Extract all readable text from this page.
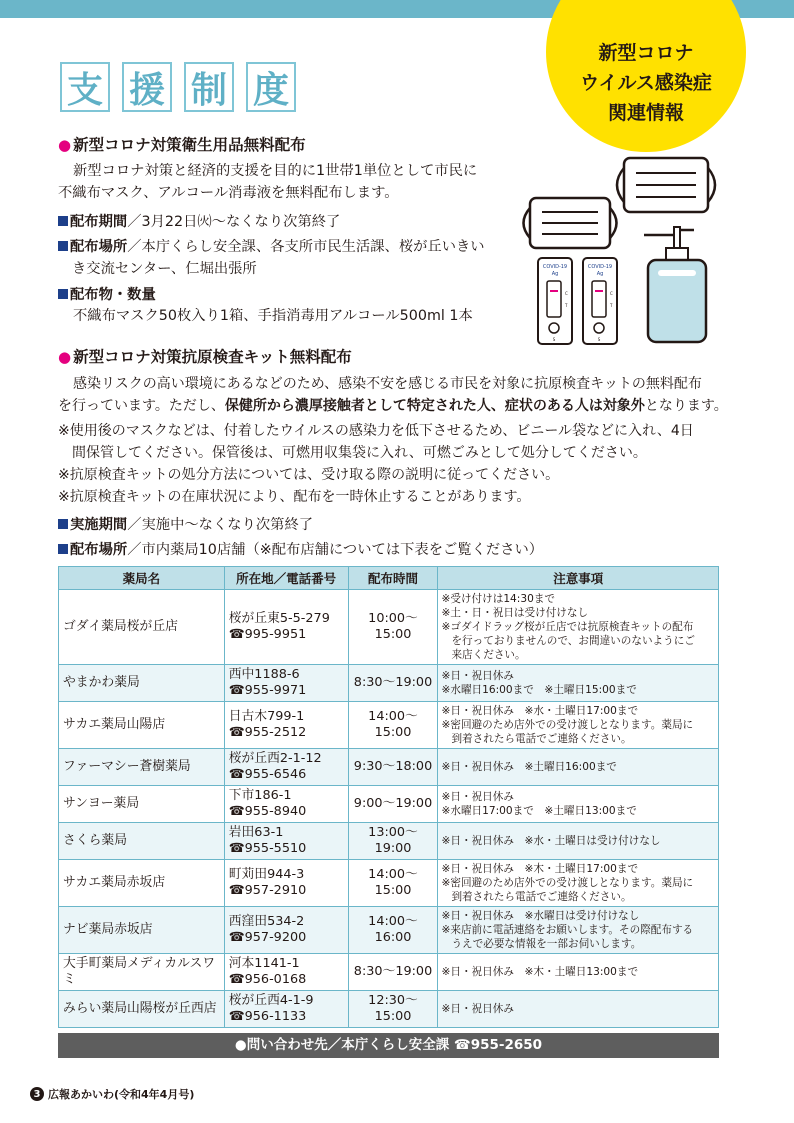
新型コロナ
ウイルス感染症
関連情報
支 援 制 度
● 新型コロナ対策衛生用品無料配布
新型コロナ対策と経済的支援を目的に1世帯1単位として市民に
不織布マスク、アルコール消毒液を無料配布します。
配布期間／3月22日㈫～なくなり次第終了
配布場所／本庁くらし安全課、各支所市民生活課、桜が丘いきい
き交流センター、仁堀出張所
配布物・数量
不織布マスク50枚入り1箱、手指消毒用アルコール500ml 1本
COVID-19
Ag
C
T
S
COVID-19
Ag
C
T
S
● 新型コロナ対策抗原検査キット無料配布
感染リスクの高い環境にあるなどのため、感染不安を感じる市民を対象に抗原検査キットの無料配布
を行っています。ただし、保健所から濃厚接触者として特定された人、症状のある人は対象外となります。
※使用後のマスクなどは、付着したウイルスの感染力を低下させるため、ビニール袋などに入れ、4日
間保管してください。保管後は、可燃用収集袋に入れ、可燃ごみとして処分してください。
※抗原検査キットの処分方法については、受け取る際の説明に従ってください。
※抗原検査キットの在庫状況により、配布を一時休止することがあります。
実施期間／実施中～なくなり次第終了
配布場所／市内薬局10店舗（※配布店舗については下表をご覧ください）
薬局名	所在地／電話番号	配布時間	注意事項
ゴダイ薬局桜が丘店	桜が丘東5-5-279
☎995-9951	10:00～15:00	※受け付けは14:30まで
※土・日・祝日は受け付けなし
※ゴダイドラッグ桜が丘店では抗原検査キットの配布
を行っておりませんので、お間違いのないようにご
来店ください。

やまかわ薬局	西中1188-6
☎955-9971	8:30～19:00	※日・祝日休み
※水曜日16:00まで　※土曜日15:00まで

サカエ薬局山陽店	日古木799-1
☎955-2512	14:00～15:00	※日・祝日休み　※水・土曜日17:00まで
※密回避のため店外での受け渡しとなります。薬局に
到着されたら電話でご連絡ください。

ファーマシー蒼樹薬局	桜が丘西2-1-12
☎955-6546	9:30～18:00	※日・祝日休み　※土曜日16:00まで

サンヨー薬局	下市186-1
☎955-8940	9:00～19:00	※日・祝日休み
※水曜日17:00まで　※土曜日13:00まで

さくら薬局	岩田63-1
☎955-5510	13:00～19:00	※日・祝日休み　※水・土曜日は受け付けなし

サカエ薬局赤坂店	町苅田944-3
☎957-2910	14:00～15:00	※日・祝日休み　※木・土曜日17:00まで
※密回避のため店外での受け渡しとなります。薬局に
到着されたら電話でご連絡ください。

ナビ薬局赤坂店	西窪田534-2
☎957-9200	14:00～16:00	※日・祝日休み　※水曜日は受け付けなし
※来店前に電話連絡をお願いします。その際配布する
うえで必要な情報を一部お伺いします。

大手町薬局メディカルスワミ	河本1141-1
☎956-0168	8:30～19:00	※日・祝日休み　※木・土曜日13:00まで

みらい薬局山陽桜が丘西店	桜が丘西4-1-9
☎956-1133	12:30～15:00	※日・祝日休み
●問い合わせ先／本庁くらし安全課 ☎955-2650
3 広報あかいわ(令和4年4月号)
